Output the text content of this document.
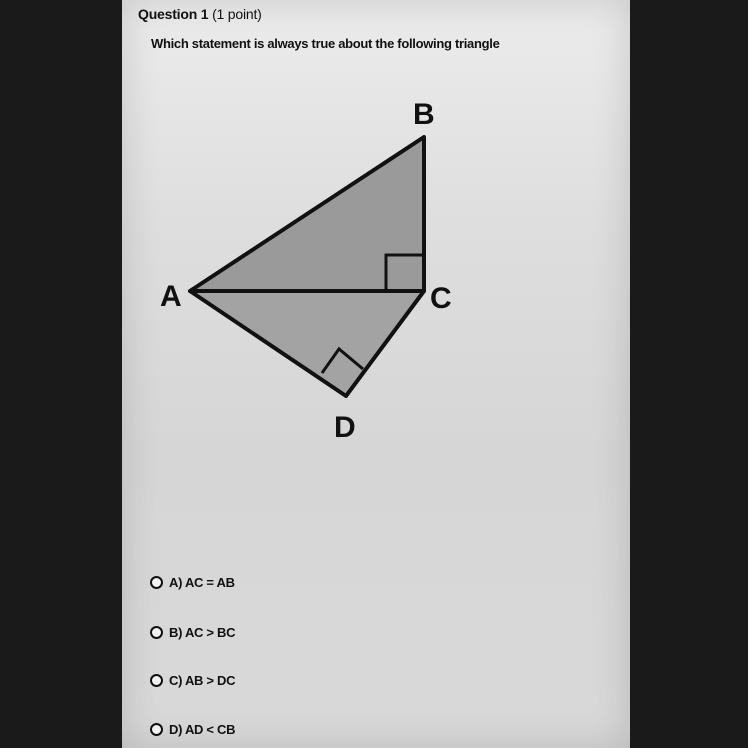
Question 1 (1 point)
Which statement is always true about the following triangle
B
A	C
D
A) AC = AB
B) AC > BC
C) AB > DC
D) AD < CB
